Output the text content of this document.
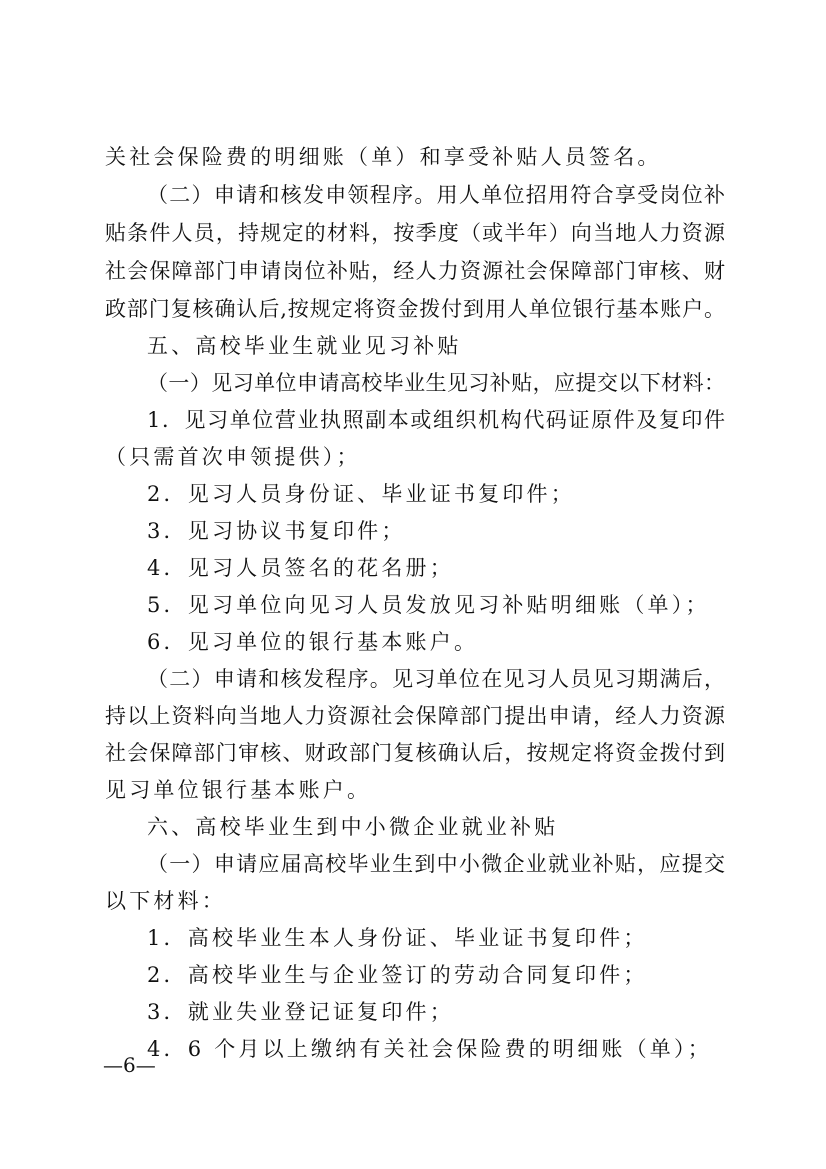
关社会保险费的明细账（单）和享受补贴人员签名。
（二）申请和核发申领程序。用人单位招用符合享受岗位补
贴条件人员，持规定的材料，按季度（或半年）向当地人力资源
社会保障部门申请岗位补贴，经人力资源社会保障部门审核、财
政部门复核确认后,按规定将资金拨付到用人单位银行基本账户。
五、高校毕业生就业见习补贴
（一）见习单位申请高校毕业生见习补贴，应提交以下材料：
1．见习单位营业执照副本或组织机构代码证原件及复印件
（只需首次申领提供）；
2．见习人员身份证、毕业证书复印件；
3．见习协议书复印件；
4．见习人员签名的花名册；
5．见习单位向见习人员发放见习补贴明细账（单）；
6．见习单位的银行基本账户。
（二）申请和核发程序。见习单位在见习人员见习期满后，
持以上资料向当地人力资源社会保障部门提出申请，经人力资源
社会保障部门审核、财政部门复核确认后，按规定将资金拨付到
见习单位银行基本账户。
六、高校毕业生到中小微企业就业补贴
（一）申请应届高校毕业生到中小微企业就业补贴，应提交
以下材料：
1．高校毕业生本人身份证、毕业证书复印件；
2．高校毕业生与企业签订的劳动合同复印件；
3．就业失业登记证复印件；
4．6 个月以上缴纳有关社会保险费的明细账（单）；
—6—
